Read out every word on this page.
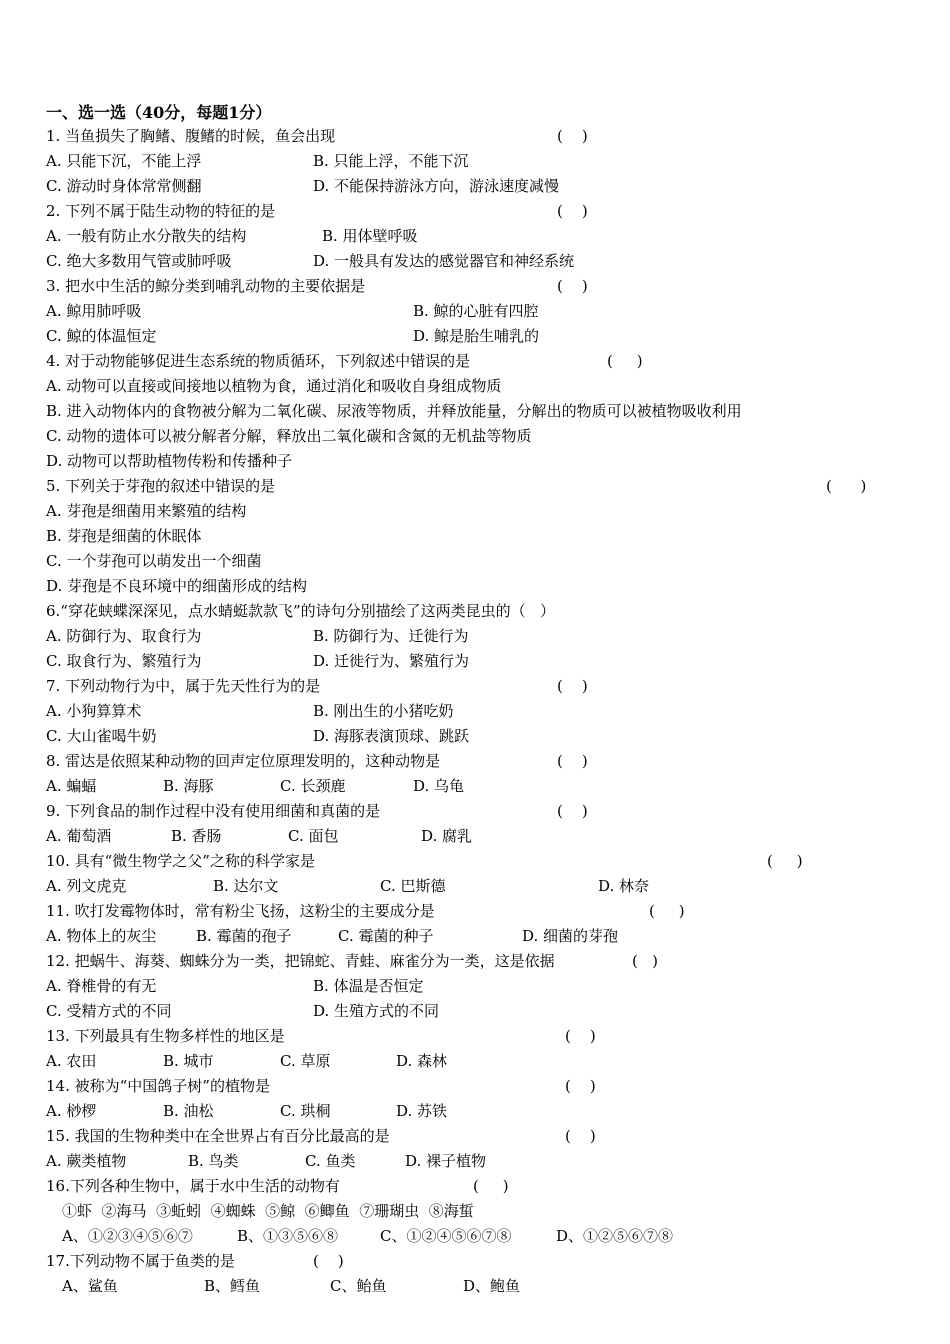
一、选一选（40分，每题1分）
1. 当鱼损失了胸鳍、腹鳍的时候，鱼会出现	(    )
A. 只能下沉，不能上浮	B. 只能上浮，不能下沉
C. 游动时身体常常侧翻	D. 不能保持游泳方向，游泳速度减慢
2. 下列不属于陆生动物的特征的是	(    )
A. 一般有防止水分散失的结构	B. 用体壁呼吸
C. 绝大多数用气管或肺呼吸	D. 一般具有发达的感觉器官和神经系统
3. 把水中生活的鲸分类到哺乳动物的主要依据是	(    )
A. 鲸用肺呼吸	B. 鲸的心脏有四腔
C. 鲸的体温恒定	D. 鲸是胎生哺乳的
4. 对于动物能够促进生态系统的物质循环，下列叙述中错误的是	(     )
A. 动物可以直接或间接地以植物为食，通过消化和吸收自身组成物质
B. 进入动物体内的食物被分解为二氧化碳、尿液等物质，并释放能量，分解出的物质可以被植物吸收利用
C. 动物的遗体可以被分解者分解，释放出二氧化碳和含氮的无机盐等物质
D. 动物可以帮助植物传粉和传播种子
5. 下列关于芽孢的叙述中错误的是	(      )
A. 芽孢是细菌用来繁殖的结构
B. 芽孢是细菌的休眠体
C. 一个芽孢可以萌发出一个细菌
D. 芽孢是不良环境中的细菌形成的结构
6.“穿花蛱蝶深深见，点水蜻蜓款款飞”的诗句分别描绘了这两类昆虫的（   ）
A. 防御行为、取食行为	B. 防御行为、迁徙行为
C. 取食行为、繁殖行为	D. 迁徙行为、繁殖行为
7. 下列动物行为中，属于先天性行为的是	(    )
A. 小狗算算术	B. 刚出生的小猪吃奶
C. 大山雀喝牛奶	D. 海豚表演顶球、跳跃
8. 雷达是依照某种动物的回声定位原理发明的，这种动物是	(    )
A. 蝙蝠	B. 海豚	C. 长颈鹿	D. 乌龟
9. 下列食品的制作过程中没有使用细菌和真菌的是	(    )
A. 葡萄酒	B. 香肠	C. 面包	D. 腐乳
10. 具有“微生物学之父”之称的科学家是	(     )
A. 列文虎克	B. 达尔文	C. 巴斯德	D. 林奈
11. 吹打发霉物体时，常有粉尘飞扬，这粉尘的主要成分是	(     )
A. 物体上的灰尘	B. 霉菌的孢子	C. 霉菌的种子	D. 细菌的芽孢
12. 把蜗牛、海葵、蜘蛛分为一类，把锦蛇、青蛙、麻雀分为一类，这是依据	(   )
A. 脊椎骨的有无	B. 体温是否恒定
C. 受精方式的不同	D. 生殖方式的不同
13. 下列最具有生物多样性的地区是	(    )
A. 农田	B. 城市	C. 草原	D. 森林
14. 被称为“中国鸽子树”的植物是	(    )
A. 桫椤	B. 油松	C. 珙桐	D. 苏铁
15. 我国的生物种类中在全世界占有百分比最高的是	(    )
A. 蕨类植物	B. 鸟类	C. 鱼类	D. 裸子植物
16.下列各种生物中，属于水中生活的动物有	(     )
①虾  ②海马  ③蚯蚓  ④蜘蛛  ⑤鲸  ⑥鲫鱼  ⑦珊瑚虫  ⑧海蜇
A、①②③④⑤⑥⑦	B、①③⑤⑥⑧	C、①②④⑤⑥⑦⑧	D、①②⑤⑥⑦⑧
17.下列动物不属于鱼类的是	(    )
A、鲨鱼	B、鳕鱼	C、鲐鱼	D、鲍鱼
